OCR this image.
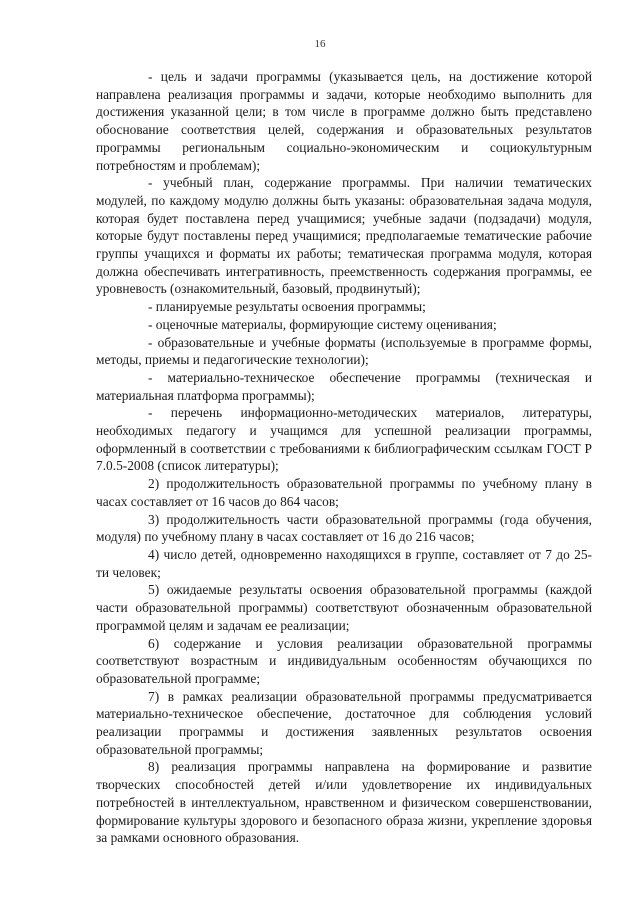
16

- цель и задачи программы (указывается цель, на достижение которой направлена реализация программы и задачи, которые необходимо выполнить для достижения указанной цели; в том числе в программе должно быть представлено обоснование соответствия целей, содержания и образовательных результатов программы региональным социально-экономическим и социокультурным потребностям и проблемам);

- учебный план, содержание программы. При наличии тематических модулей, по каждому модулю должны быть указаны: образовательная задача модуля, которая будет поставлена перед учащимися; учебные задачи (подзадачи) модуля, которые будут поставлены перед учащимися; предполагаемые тематические рабочие группы учащихся и форматы их работы; тематическая программа модуля, которая должна обеспечивать интегративность, преемственность содержания программы, ее уровневость (ознакомительный, базовый, продвинутый);

- планируемые результаты освоения программы;

- оценочные материалы, формирующие систему оценивания;

- образовательные и учебные форматы (используемые в программе формы, методы, приемы и педагогические технологии);

- материально-техническое обеспечение программы (техническая и материальная платформа программы);

- перечень информационно-методических материалов, литературы, необходимых педагогу и учащимся для успешной реализации программы, оформленный в соответствии с требованиями к библиографическим ссылкам ГОСТ Р 7.0.5-2008 (список литературы);

2) продолжительность образовательной программы по учебному плану в часах составляет от 16 часов до 864 часов;

3) продолжительность части образовательной программы (года обучения, модуля) по учебному плану в часах составляет от 16 до 216 часов;

4) число детей, одновременно находящихся в группе, составляет от 7 до 25-ти человек;

5) ожидаемые результаты освоения образовательной программы (каждой части образовательной программы) соответствуют обозначенным образовательной программой целям и задачам ее реализации;

6) содержание и условия реализации образовательной программы соответствуют возрастным и индивидуальным особенностям обучающихся по образовательной программе;

7) в рамках реализации образовательной программы предусматривается материально-техническое обеспечение, достаточное для соблюдения условий реализации программы и достижения заявленных результатов освоения образовательной программы;

8) реализация программы направлена на формирование и развитие творческих способностей детей и/или удовлетворение их индивидуальных потребностей в интеллектуальном, нравственном и физическом совершенствовании, формирование культуры здорового и безопасного образа жизни, укрепление здоровья за рамками основного образования.
